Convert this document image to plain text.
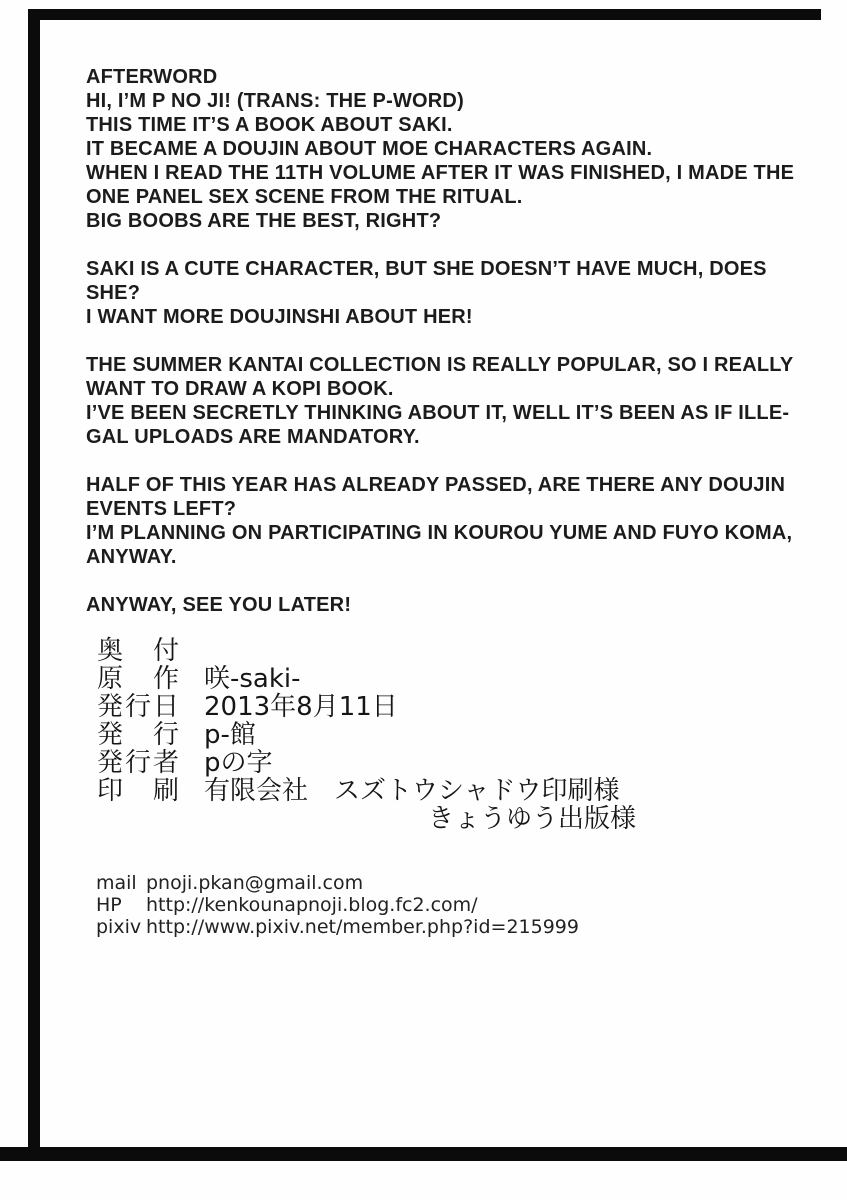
AFTERWORD
HI, I’M P NO JI! (TRANS: THE P-WORD)
THIS TIME IT’S A BOOK ABOUT SAKI.
IT BECAME A DOUJIN ABOUT MOE CHARACTERS AGAIN.
WHEN I READ THE 11TH VOLUME AFTER IT WAS FINISHED, I MADE THE
ONE PANEL SEX SCENE FROM THE RITUAL.
BIG BOOBS ARE THE BEST, RIGHT?
SAKI IS A CUTE CHARACTER, BUT SHE DOESN’T HAVE MUCH, DOES
SHE?
I WANT MORE DOUJINSHI ABOUT HER!
THE SUMMER KANTAI COLLECTION IS REALLY POPULAR, SO I REALLY
WANT TO DRAW A KOPI BOOK.
I’VE BEEN SECRETLY THINKING ABOUT IT, WELL IT’S BEEN AS IF ILLE-
GAL UPLOADS ARE MANDATORY.
HALF OF THIS YEAR HAS ALREADY PASSED, ARE THERE ANY DOUJIN
EVENTS LEFT?
I’M PLANNING ON PARTICIPATING IN KOUROU YUME AND FUYO KOMA,
ANYWAY.
ANYWAY, SEE YOU LATER!
奥　付
原　作 咲-saki-
発行日 2013年8月11日
発　行 p-館
発行者 pの字
印　刷 有限会社　スズトウシャドウ印刷様
きょうゆう出版様
mail pnoji.pkan@gmail.com
HP	http://kenkounapnoji.blog.fc2.com/
pixiv http://www.pixiv.net/member.php?id=215999
